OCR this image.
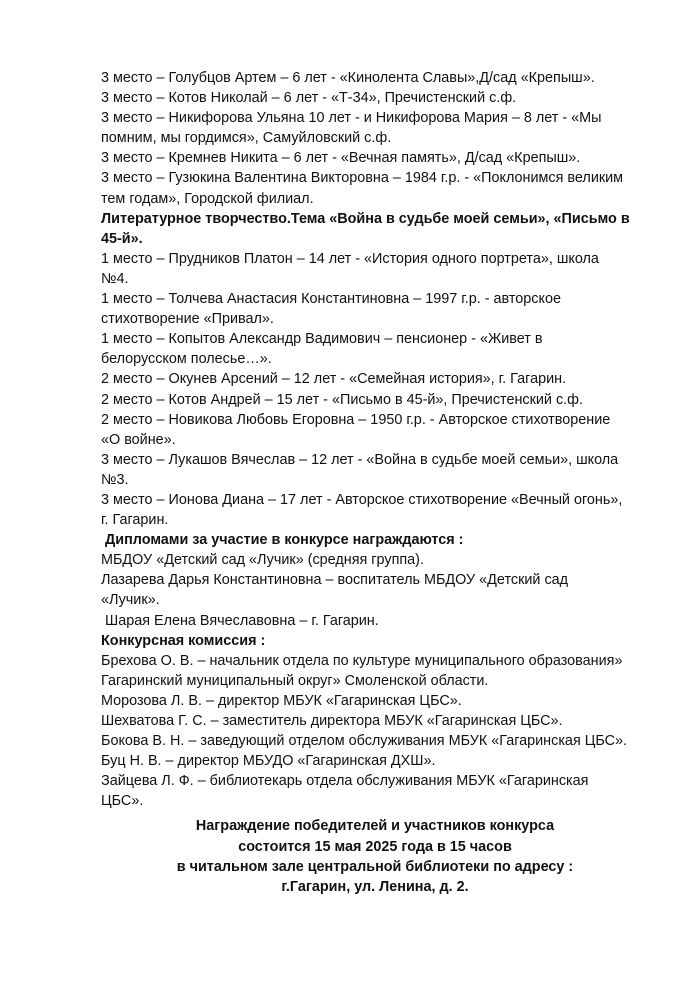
3 место – Голубцов Артем – 6 лет - «Кинолента Славы»,Д/сад «Крепыш».
3 место – Котов Николай – 6 лет - «Т-34», Пречистенский с.ф.
3 место – Никифорова Ульяна 10 лет - и Никифорова Мария – 8 лет - «Мы
помним, мы гордимся», Самуйловский с.ф.
3 место – Кремнев Никита – 6 лет - «Вечная память», Д/сад «Крепыш».
3 место – Гузюкина Валентина Викторовна – 1984 г.р. - «Поклонимся великим
тем годам», Городской филиал.
Литературное творчество.Тема «Война в судьбе моей семьи», «Письмо в
45-й».
1 место – Прудников Платон – 14 лет - «История одного портрета», школа
№4.
1 место – Толчева Анастасия Константиновна – 1997 г.р. - авторское
стихотворение «Привал».
1 место – Копытов Александр Вадимович – пенсионер - «Живет в
белорусском полесье…».
2 место – Окунев Арсений – 12 лет - «Семейная история», г. Гагарин.
2 место – Котов Андрей – 15 лет - «Письмо в 45-й», Пречистенский с.ф.
2 место – Новикова Любовь Егоровна – 1950 г.р. - Авторское стихотворение
«О войне».
3 место – Лукашов Вячеслав – 12 лет - «Война в судьбе моей семьи», школа
№3.
3 место – Ионова Диана – 17 лет - Авторское стихотворение «Вечный огонь»,
г. Гагарин.
Дипломами за участие в конкурсе награждаются :
МБДОУ «Детский сад «Лучик» (средняя группа).
Лазарева Дарья Константиновна – воспитатель МБДОУ «Детский сад
«Лучик».
Шарая Елена Вячеславовна – г. Гагарин.
Конкурсная комиссия :
Брехова О. В. – начальник отдела по культуре муниципального образования»
Гагаринский муниципальный округ» Смоленской области.
Морозова Л. В. – директор МБУК «Гагаринская ЦБС».
Шехватова Г. С. – заместитель директора МБУК «Гагаринская ЦБС».
Бокова В. Н. – заведующий отделом обслуживания МБУК «Гагаринская ЦБС».
Буц Н. В. – директор МБУДО «Гагаринская ДХШ».
Зайцева Л. Ф. – библиотекарь отдела обслуживания МБУК «Гагаринская
ЦБС».
Награждение победителей и участников конкурса
состоится 15 мая 2025 года в 15 часов
в читальном зале центральной библиотеки по адресу :
г.Гагарин, ул. Ленина, д. 2.
